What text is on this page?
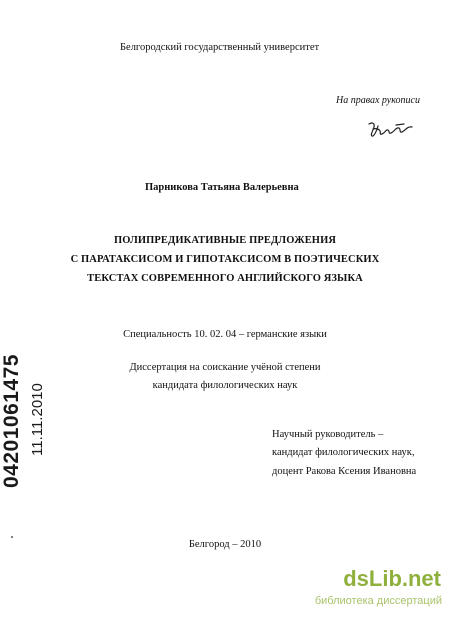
Белгородский государственный университет
На правах рукописи
Парникова Татьяна Валерьевна
ПОЛИПРЕДИКАТИВНЫЕ ПРЕДЛОЖЕНИЯ
С ПАРАТАКСИСОМ И ГИПОТАКСИСОМ В ПОЭТИЧЕСКИХ
ТЕКСТАХ СОВРЕМЕННОГО АНГЛИЙСКОГО ЯЗЫКА
Специальность 10. 02. 04 – германские языки
Диссертация на соискание учёной степени
кандидата филологических наук
Научный руководитель –
кандидат филологических наук,
доцент Ракова Ксения Ивановна
Белгород – 2010
04201061475 11.11.2010
dsLib.net
библиотека диссертаций
